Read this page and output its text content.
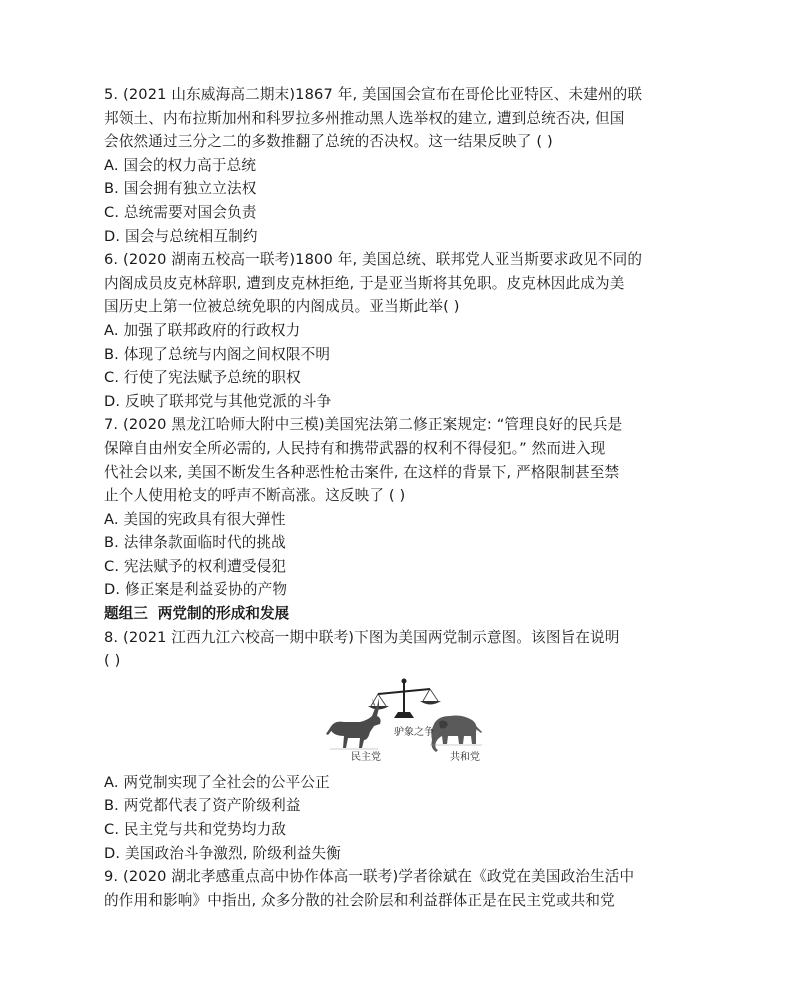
5. (2021 山东威海高二期末)1867 年, 美国国会宣布在哥伦比亚特区、未建州的联
邦领土、内布拉斯加州和科罗拉多州推动黑人选举权的建立, 遭到总统否决, 但国
会依然通过三分之二的多数推翻了总统的否决权。这一结果反映了 ( )
A. 国会的权力高于总统
B. 国会拥有独立立法权
C. 总统需要对国会负责
D. 国会与总统相互制约
6. (2020 湖南五校高一联考)1800 年, 美国总统、联邦党人亚当斯要求政见不同的
内阁成员皮克林辞职, 遭到皮克林拒绝, 于是亚当斯将其免职。皮克林因此成为美
国历史上第一位被总统免职的内阁成员。亚当斯此举( )
A. 加强了联邦政府的行政权力
B. 体现了总统与内阁之间权限不明
C. 行使了宪法赋予总统的职权
D. 反映了联邦党与其他党派的斗争
7. (2020 黑龙江哈师大附中三模)美国宪法第二修正案规定: “管理良好的民兵是
保障自由州安全所必需的, 人民持有和携带武器的权利不得侵犯。” 然而进入现
代社会以来, 美国不断发生各种恶性枪击案件, 在这样的背景下, 严格限制甚至禁
止个人使用枪支的呼声不断高涨。这反映了 ( )
A. 美国的宪政具有很大弹性
B. 法律条款面临时代的挑战
C. 宪法赋予的权利遭受侵犯
D. 修正案是利益妥协的产物
题组三 两党制的形成和发展
8. (2021 江西九江六校高一期中联考)下图为美国两党制示意图。该图旨在说明
( )
民主党
驴象之争
共和党
A. 两党制实现了全社会的公平公正
B. 两党都代表了资产阶级利益
C. 民主党与共和党势均力敌
D. 美国政治斗争激烈, 阶级利益失衡
9. (2020 湖北孝感重点高中协作体高一联考)学者徐斌在《政党在美国政治生活中
的作用和影响》中指出, 众多分散的社会阶层和利益群体正是在民主党或共和党
